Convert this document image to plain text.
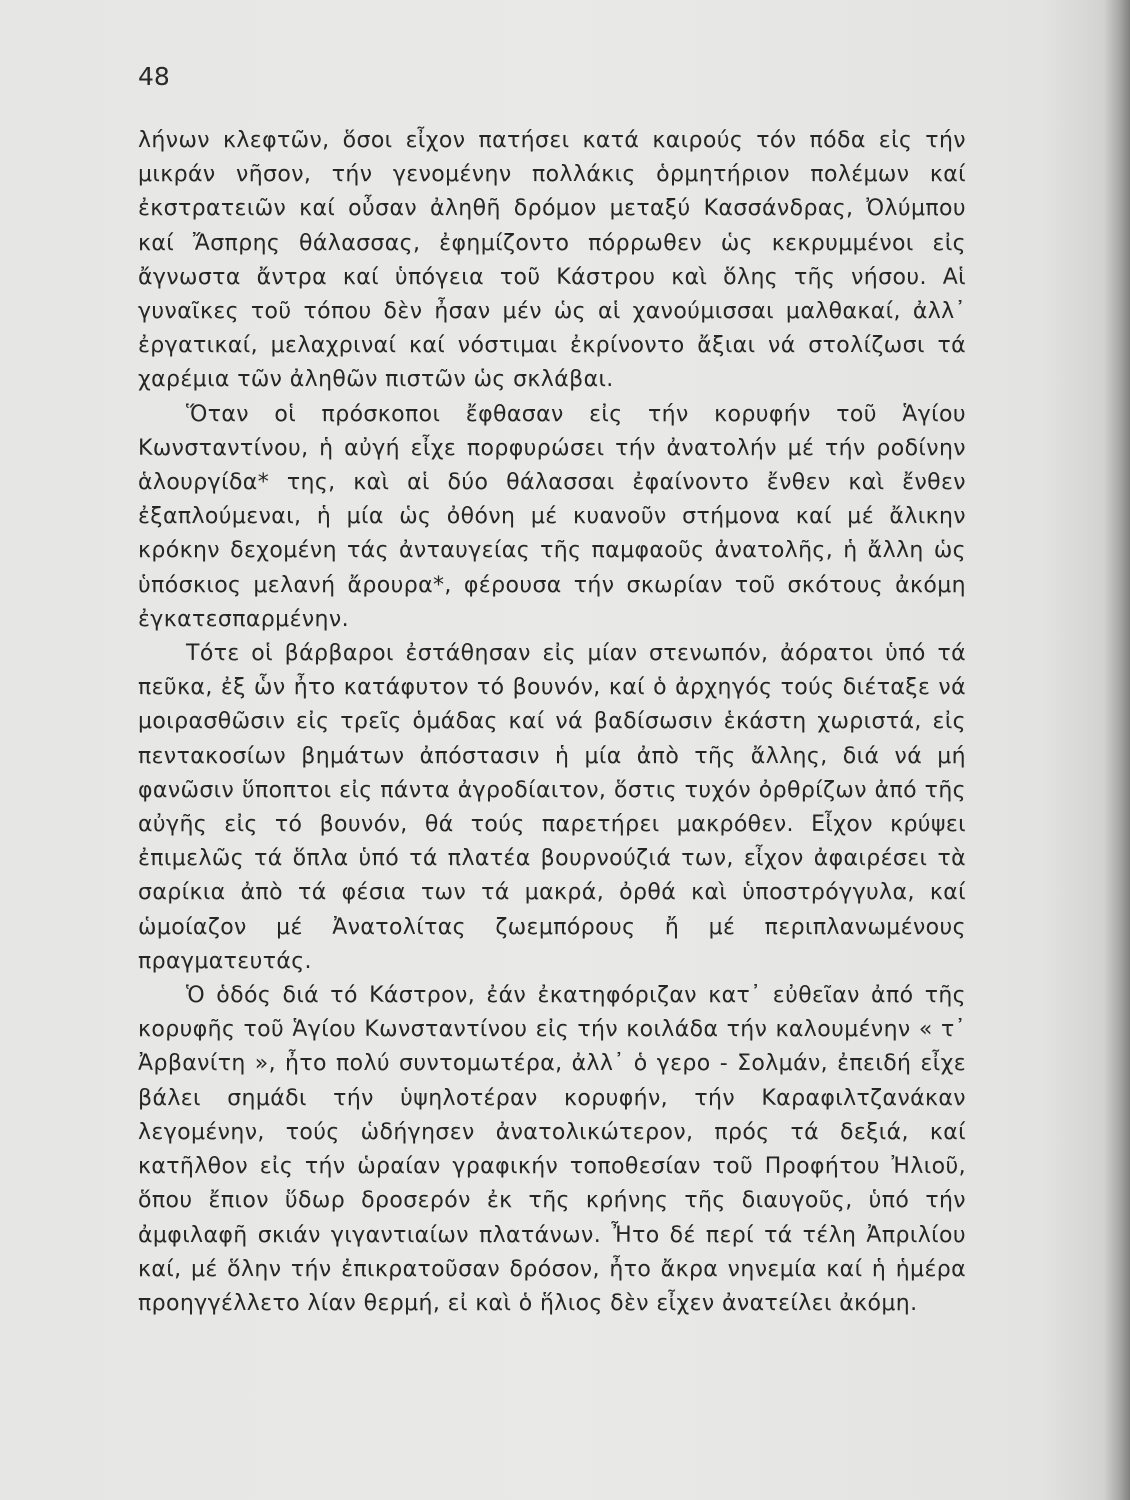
48

λήνων κλεφτῶν, ὅσοι εἶχον πατήσει κατά καιρούς τόν πόδα εἰς τήν μικράν νῆσον, τήν γενομένην πολλάκις ὁρμητήριον πολέμων καί ἐκστρατειῶν καί οὖσαν ἀληθῆ δρόμον μεταξύ Κασσάνδρας, Ὀλύμπου καί Ἄσπρης θάλασσας, ἐφημίζοντο πόρρωθεν ὡς κεκρυμμένοι εἰς ἄγνωστα ἄντρα καί ὑπόγεια τοῦ Κάστρου καὶ ὅλης τῆς νήσου. Αἱ γυναῖκες τοῦ τόπου δὲν ἦσαν μέν ὡς αἱ χανούμισσαι μαλθακαί, ἀλλ᾽ ἐργατικαί, μελαχριναί καί νόστιμαι ἐκρίνοντο ἄξιαι νά στολίζωσι τά χαρέμια τῶν ἀληθῶν πιστῶν ὡς σκλάβαι.

Ὅταν οἱ πρόσκοποι ἔφθασαν εἰς τήν κορυφήν τοῦ Ἁγίου Κωνσταντίνου, ἡ αὐγή εἶχε πορφυρώσει τήν ἀνατολήν μέ τήν ροδίνην ἁλουργίδα* της, καὶ αἱ δύο θάλασσαι ἐφαίνοντο ἔνθεν καὶ ἔνθεν ἐξαπλούμεναι, ἡ μία ὡς ὀθόνη μέ κυανοῦν στήμονα καί μέ ἄλικην κρόκην δεχομένη τάς ἀνταυγείας τῆς παμφαοῦς ἀνατολῆς, ἡ ἄλλη ὡς ὑπόσκιος μελανή ἄρουρα*, φέρουσα τήν σκωρίαν τοῦ σκότους ἀκόμη ἐγκατεσπαρμένην.

Τότε οἱ βάρβαροι ἐστάθησαν εἰς μίαν στενωπόν, ἀόρατοι ὑπό τά πεῦκα, ἐξ ὧν ἦτο κατάφυτον τό βουνόν, καί ὁ ἀρχηγός τούς διέταξε νά μοιρασθῶσιν εἰς τρεῖς ὁμάδας καί νά βαδίσωσιν ἑκάστη χωριστά, εἰς πεντακοσίων βημάτων ἀπόστασιν ἡ μία ἀπὸ τῆς ἄλλης, διά νά μή φανῶσιν ὕποπτοι εἰς πάντα ἀγροδίαιτον, ὅστις τυχόν ὀρθρίζων ἀπό τῆς αὐγῆς εἰς τό βουνόν, θά τούς παρετήρει μακρόθεν. Εἶχον κρύψει ἐπιμελῶς τά ὅπλα ὑπό τά πλατέα βουρνούζιά των, εἶχον ἀφαιρέσει τὰ σαρίκια ἀπὸ τά φέσια των τά μακρά, ὀρθά καὶ ὑποστρόγγυλα, καί ὡμοίαζον μέ Ἀνατολίτας ζωεμπόρους ἤ μέ περιπλανωμένους πραγματευτάς.

Ὁ ὁδός διά τό Κάστρον, ἐάν ἐκατηφόριζαν κατ᾽ εὐθεῖαν ἀπό τῆς κορυφῆς τοῦ Ἁγίου Κωνσταντίνου εἰς τήν κοιλάδα τήν καλουμένην « τ᾽ Ἀρβανίτη », ἦτο πολύ συντομωτέρα, ἀλλ᾽ ὁ γερο - Σολμάν, ἐπειδή εἶχε βάλει σημάδι τήν ὑψηλοτέραν κορυφήν, τήν Καραφιλτζανάκαν λεγομένην, τούς ὡδήγησεν ἀνατολικώτερον, πρός τά δεξιά, καί κατῆλθον εἰς τήν ὡραίαν γραφικήν τοποθεσίαν τοῦ Προφήτου Ἠλιοῦ, ὅπου ἔπιον ὕδωρ δροσερόν ἐκ τῆς κρήνης τῆς διαυγοῦς, ὑπό τήν ἀμφιλαφῆ σκιάν γιγαντιαίων πλατάνων. Ἦτο δέ περί τά τέλη Ἀπριλίου καί, μέ ὅλην τήν ἐπικρατοῦσαν δρόσον, ἦτο ἄκρα νηνεμία καί ἡ ἡμέρα προηγγέλλετο λίαν θερμή, εἰ καὶ ὁ ἥλιος δὲν εἶχεν ἀνατείλει ἀκόμη.
